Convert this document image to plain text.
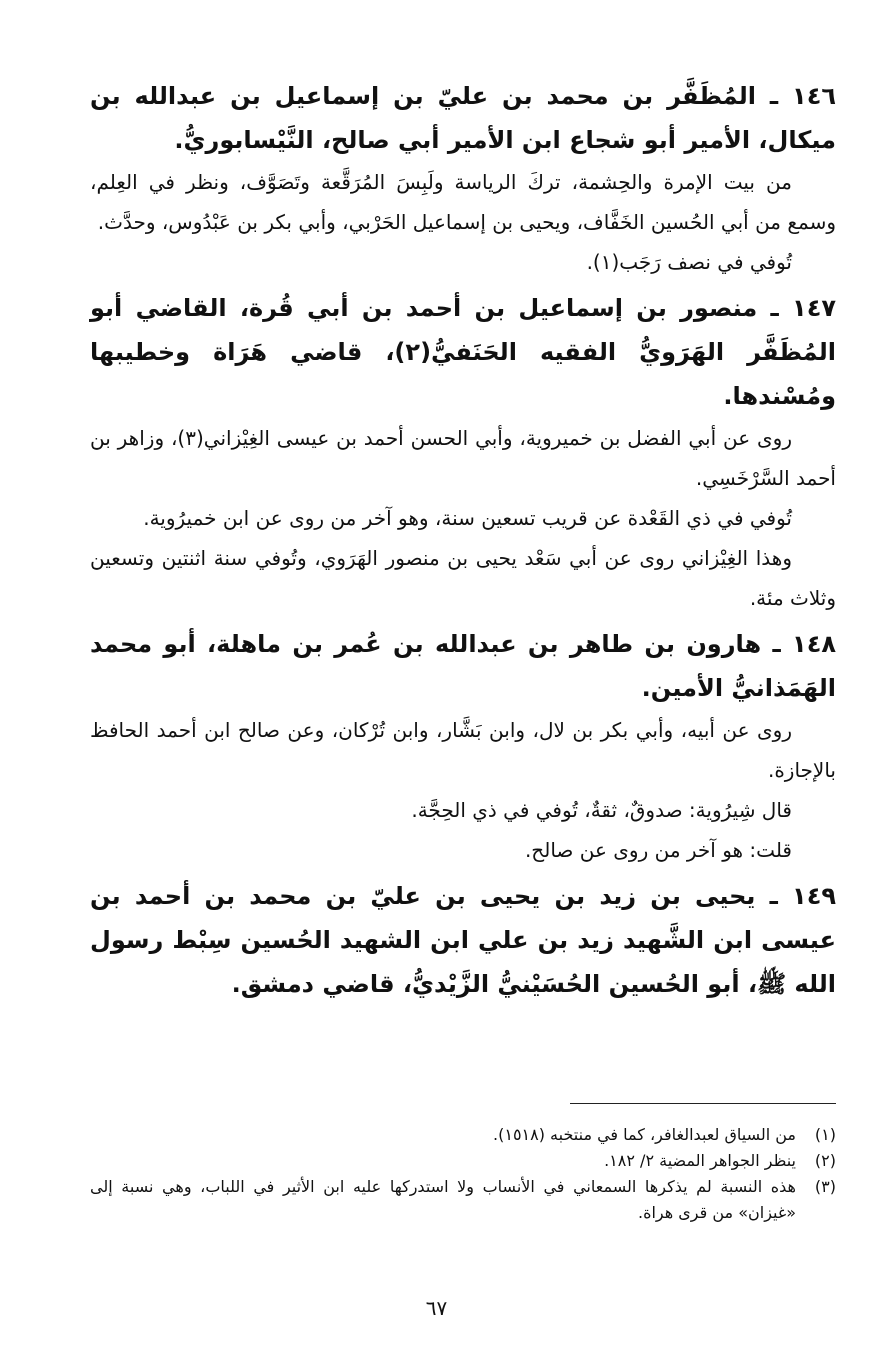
١٤٦ ـ المُظَفَّر بن محمد بن عليّ بن إسماعيل بن عبدالله بن ميكال، الأمير أبو شجاع ابن الأمير أبي صالح، النَّيْسابوريُّ.

من بيت الإمرة والحِشمة، تركَ الرياسة ولَبِسَ المُرَقَّعة وتَصَوَّف، ونظر في العِلم، وسمع من أبي الحُسين الخَفَّاف، ويحيى بن إسماعيل الحَرْبي، وأبي بكر بن عَبْدُوس، وحدَّث.

تُوفي في نصف رَجَب(١).

١٤٧ ـ منصور بن إسماعيل بن أحمد بن أبي قُرة، القاضي أبو المُظَفَّر الهَرَويُّ الفقيه الحَنَفيُّ(٢)، قاضي هَرَاة وخطيبها ومُسْندها.

روى عن أبي الفضل بن خميروية، وأبي الحسن أحمد بن عيسى الغِيْزاني(٣)، وزاهر بن أحمد السَّرْخَسِي.

تُوفي في ذي القَعْدة عن قريب تسعين سنة، وهو آخر من روى عن ابن خميرُوية.

وهذا الغِيْزاني روى عن أبي سَعْد يحيى بن منصور الهَرَوي، وتُوفي سنة اثنتين وتسعين وثلاث مئة.

١٤٨ ـ هارون بن طاهر بن عبدالله بن عُمر بن ماهلة، أبو محمد الهَمَذانيُّ الأمين.

روى عن أبيه، وأبي بكر بن لال، وابن بَشَّار، وابن تُرْكان، وعن صالح ابن أحمد الحافظ بالإجازة.

قال شِيرُوية: صدوقٌ، ثقةٌ، تُوفي في ذي الحِجَّة.

قلت: هو آخر من روى عن صالح.

١٤٩ ـ يحيى بن زيد بن يحيى بن عليّ بن محمد بن أحمد بن عيسى ابن الشَّهيد زيد بن علي ابن الشهيد الحُسين سِبْط رسول الله ﷺ، أبو الحُسين الحُسَيْنيُّ الزَّيْديُّ، قاضي دمشق.

(١)
من السياق لعبدالغافر، كما في منتخبه (١٥١٨).
(٢)
ينظر الجواهر المضية ٢/ ١٨٢.
(٣)
هذه النسبة لم يذكرها السمعاني في الأنساب ولا استدركها عليه ابن الأثير في اللباب، وهي نسبة إلى «غيزان» من قرى هراة.
٦٧
